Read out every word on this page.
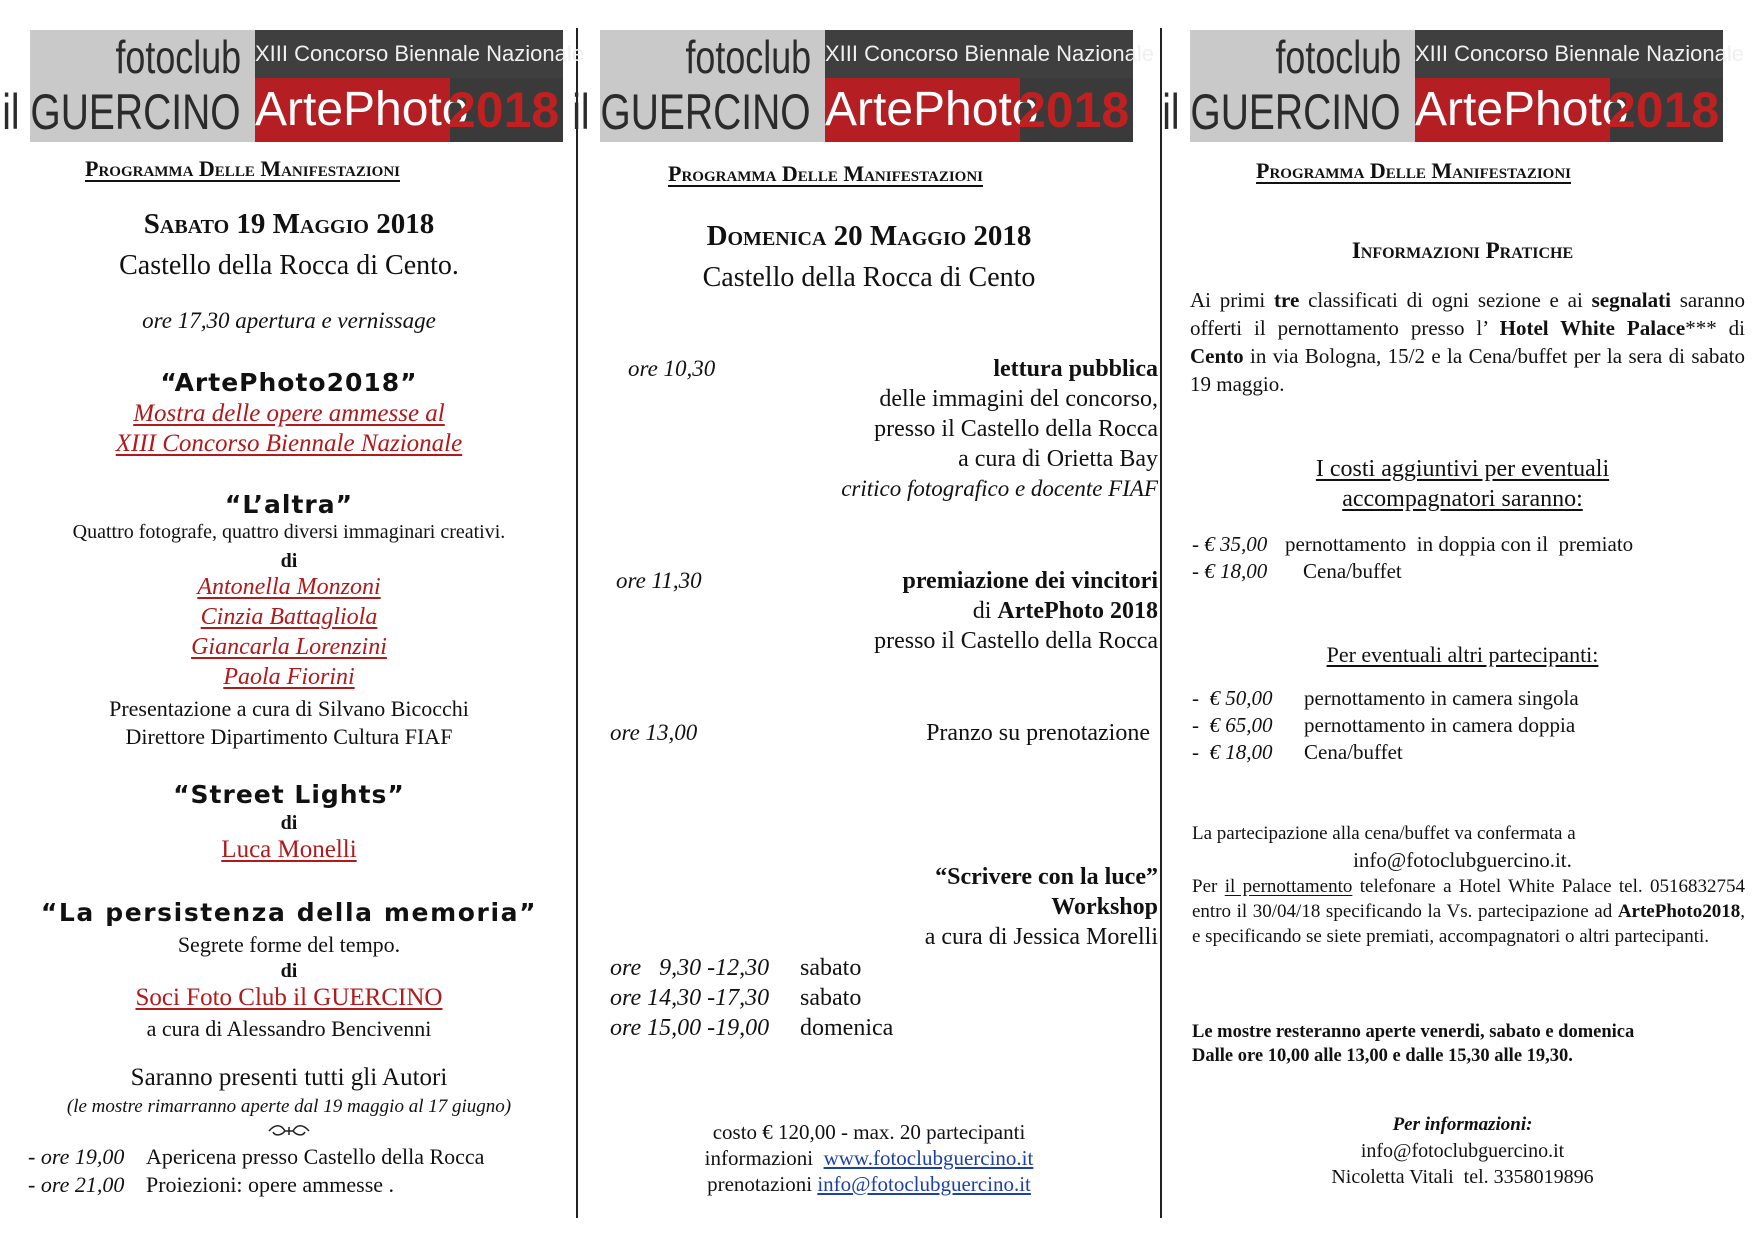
fotoclub
il GUERCINO
XIII Concorso Biennale Nazionale
ArtePhoto
2018
Programma Delle Manifestazioni
Sabato 19 Maggio 2018
Castello della Rocca di Cento.
ore 17,30 apertura e vernissage
“ArtePhoto2018”
Mostra delle opere ammesse al
XIII Concorso Biennale Nazionale
“L’altra”
Quattro fotografe, quattro diversi immaginari creativi.
di
Antonella Monzoni
Cinzia Battagliola
Giancarla Lorenzini
Paola Fiorini
Presentazione a cura di Silvano Bicocchi
Direttore Dipartimento Cultura FIAF
“Street Lights”
di
Luca Monelli
“La persistenza della memoria”
Segrete forme del tempo.
di
Soci Foto Club il GUERCINO
a cura di Alessandro Bencivenni
Saranno presenti tutti gli Autori
(le mostre rimarranno aperte dal 19 maggio al 17 giugno)
- ore 19,00 Apericena presso Castello della Rocca
- ore 21,00 Proiezioni: opere ammesse .
fotoclub
il GUERCINO
XIII Concorso Biennale Nazionale
ArtePhoto
2018
Programma Delle Manifestazioni
Domenica 20 Maggio 2018
Castello della Rocca di Cento
ore 10,30	lettura pubblica
delle immagini del concorso,
presso il Castello della Rocca
a cura di Orietta Bay
critico fotografico e docente FIAF
ore 11,30	premiazione dei vincitori
di ArtePhoto 2018
presso il Castello della Rocca
ore 13,00	Pranzo su prenotazione
“Scrivere con la luce”
Workshop
a cura di Jessica Morelli
ore   9,30 -12,30 sabato
ore 14,30 -17,30 sabato
ore 15,00 -19,00 domenica
costo € 120,00 - max. 20 partecipanti
informazioni www.fotoclubguercino.it
prenotazioni info@fotoclubguercino.it
fotoclub
il GUERCINO
XIII Concorso Biennale Nazionale
ArtePhoto
2018
Programma Delle Manifestazioni
Informazioni Pratiche
Ai primi tre classificati di ogni sezione e ai segnalati saranno offerti il pernottamento presso l’ Hotel White Palace*** di Cento in via Bologna, 15/2 e la Cena/buffet per la sera di sabato 19 maggio.
I costi aggiuntivi per eventuali
accompagnatori saranno:
- € 35,00 pernottamento  in doppia con il  premiato
- € 18,00 Cena/buffet
Per eventuali altri partecipanti:
-  € 50,00 pernottamento in camera singola
-  € 65,00 pernottamento in camera doppia
-  € 18,00 Cena/buffet
La partecipazione alla cena/buffet va confermata a
info@fotoclubguercino.it.
Per il pernottamento telefonare a Hotel White Palace tel. 0516832754 entro il 30/04/18 specificando la Vs. partecipazione ad ArtePhoto2018, e specificando se siete premiati, accompagnatori o altri partecipanti.
Le mostre resteranno aperte venerdi, sabato e domenica
Dalle ore 10,00 alle 13,00 e dalle 15,30 alle 19,30.
Per informazioni:
info@fotoclubguercino.it
Nicoletta Vitali  tel. 3358019896
